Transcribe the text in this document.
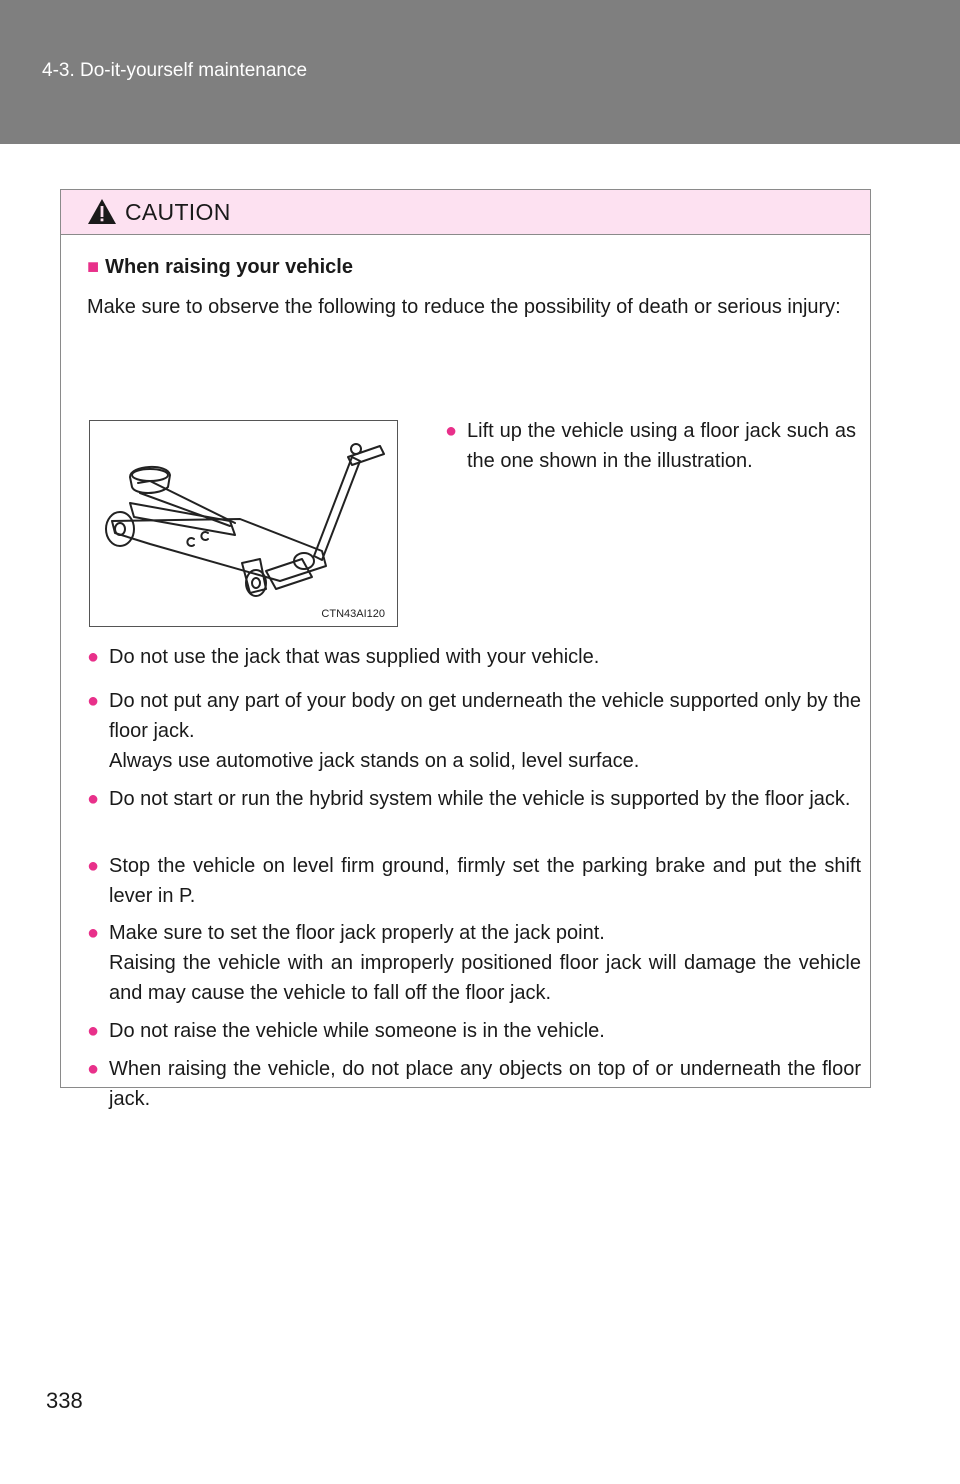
4-3. Do-it-yourself maintenance
CAUTION
■ When raising your vehicle
Make sure to observe the following to reduce the possibility of death or serious injury:
CTN43AI120
● Lift up the vehicle using a floor jack such as the one shown in the illustration.
● Do not use the jack that was supplied with your vehicle.
● Do not put any part of your body on get underneath the vehicle supported only by the floor jack.
Always use automotive jack stands on a solid, level surface.
● Do not start or run the hybrid system while the vehicle is supported by the floor jack.
● Stop the vehicle on level firm ground, firmly set the parking brake and put the shift lever in P.
● Make sure to set the floor jack properly at the jack point.
Raising the vehicle with an improperly positioned floor jack will damage the vehicle and may cause the vehicle to fall off the floor jack.
● Do not raise the vehicle while someone is in the vehicle.
● When raising the vehicle, do not place any objects on top of or underneath the floor jack.
338
